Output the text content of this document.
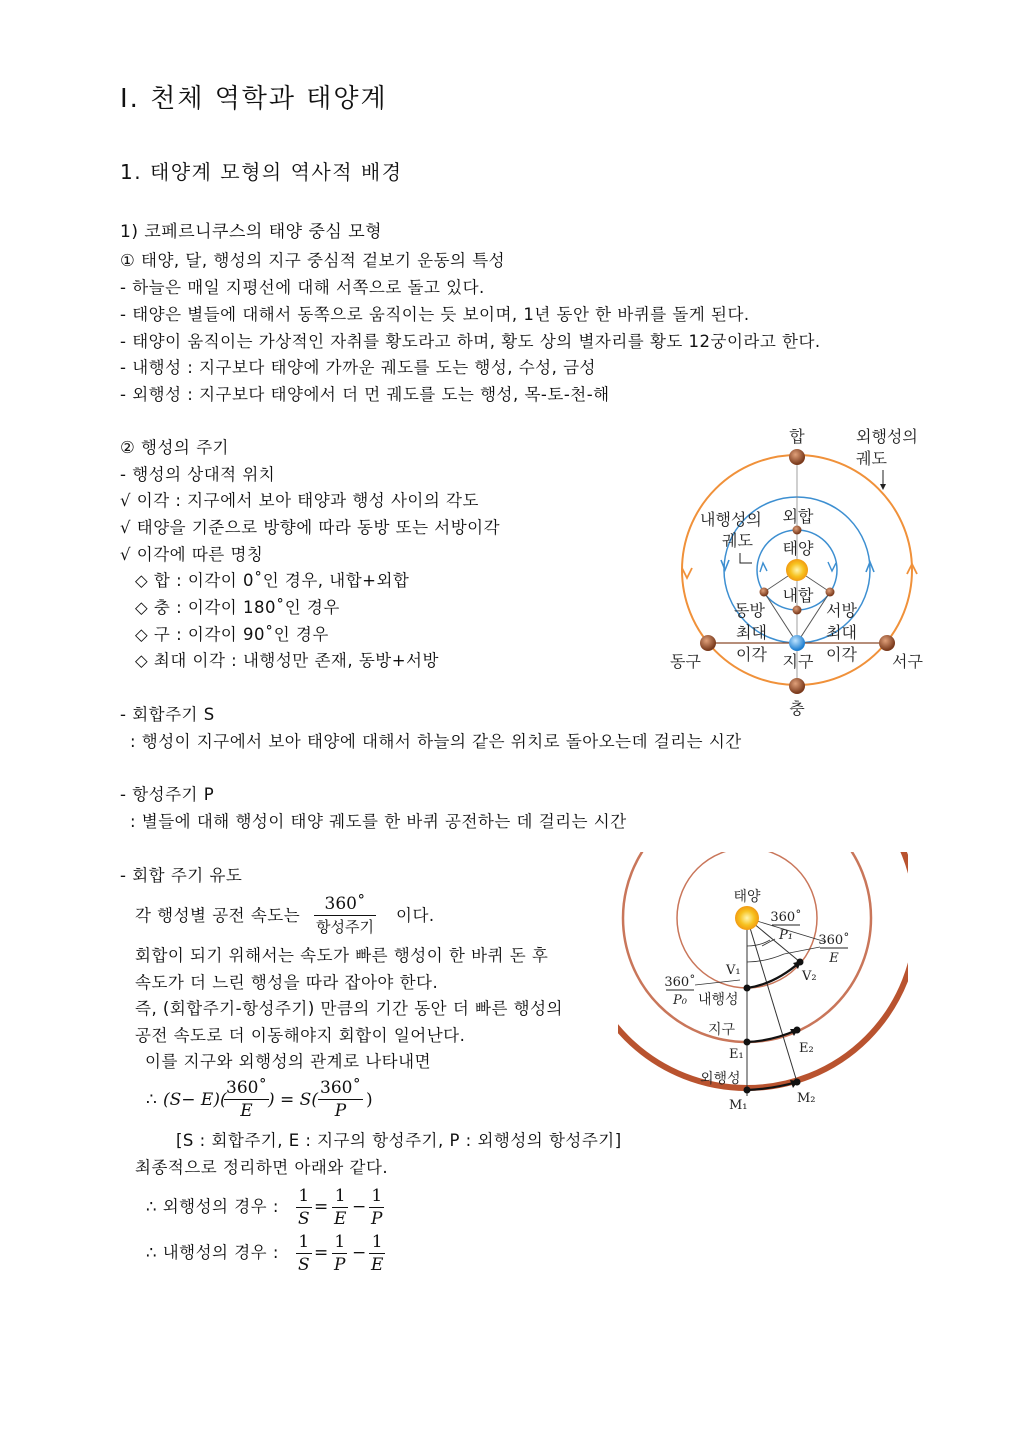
Ⅰ. 천체 역학과 태양계
1. 태양계 모형의 역사적 배경
1) 코페르니쿠스의 태양 중심 모형
① 태양, 달, 행성의 지구 중심적 겉보기 운동의 특성
- 하늘은 매일 지평선에 대해 서쪽으로 돌고 있다.
- 태양은 별들에 대해서 동쪽으로 움직이는 듯 보이며, 1년 동안 한 바퀴를 돌게 된다.
- 태양이 움직이는 가상적인 자취를 황도라고 하며, 황도 상의 별자리를 황도 12궁이라고 한다.
- 내행성 : 지구보다 태양에 가까운 궤도를 도는 행성, 수성, 금성
- 외행성 : 지구보다 태양에서 더 먼 궤도를 도는 행성, 목-토-천-해
② 행성의 주기
- 행성의 상대적 위치
√ 이각 : 지구에서 보아 태양과 행성 사이의 각도
√ 태양을 기준으로 방향에 따라 동방 또는 서방이각
√ 이각에 따른 명칭
◇ 합 : 이각이 0˚인 경우, 내합+외합
◇ 충 : 이각이 180˚인 경우
◇ 구 : 이각이 90˚인 경우
◇ 최대 이각 : 내행성만 존재, 동방+서방
- 회합주기 S
: 행성이 지구에서 보아 태양에 대해서 하늘의 같은 위치로 돌아오는데 걸리는 시간
- 항성주기 P
: 별들에 대해 행성이 태양 궤도를 한 바퀴 공전하는 데 걸리는 시간
- 회합 주기 유도
각 행성별 공전 속도는
360˚
항성주기
이다.
회합이 되기 위해서는 속도가 빠른 행성이 한 바퀴 돈 후
속도가 더 느린 행성을 따라 잡아야 한다.
즉, (회합주기-항성주기) 만큼의 기간 동안 더 빠른 행성의
공전 속도로 더 이동해야지 회합이 일어난다.
이를 지구와 외행성의 관계로 나타내면
∴ (S− E)(
360˚
E
) = S(
360˚
P
)
[S : 회합주기, E : 지구의 항성주기, P : 외행성의 항성주기]
최종적으로 정리하면 아래와 같다.
∴ 외행성의 경우 :
1
S
=
1
E
−
1
P
∴ 내행성의 경우 :
1
S
=
1
P
−
1
E
합	외행성의
궤도
내행성의
궤도
외합
태양
내합
동방
최대
이각
서방
최대
이각
지구
동구	서구
충
태양
360˚
P₁ 360˚
E
360˚
P₀
V₁	V₂
내행성
지구
E₁	E₂
외행성
M₁	M₂
